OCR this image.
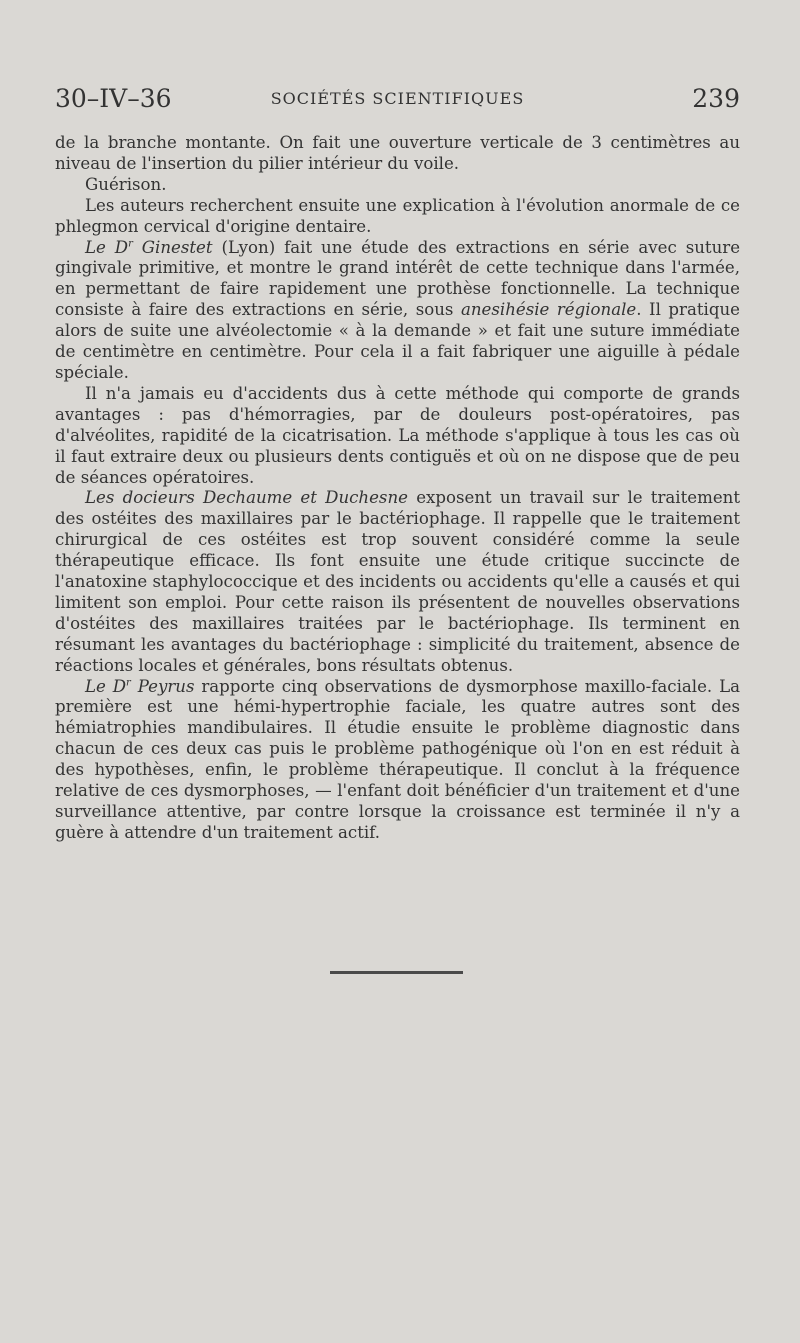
30–IV–36	SOCIÉTÉS SCIENTIFIQUES	239

de la branche montante. On fait une ouverture verticale de 3 centimètres au niveau de l'insertion du pilier intérieur du voile.

Guérison.

Les auteurs recherchent ensuite une explication à l'évolution anormale de ce phlegmon cervical d'origine dentaire.

Le $D^r$ Ginestet (Lyon) fait une étude des extractions en série avec suture gingivale primitive, et montre le grand intérêt de cette technique dans l'armée, en permettant de faire rapidement une prothèse fonctionnelle. La technique consiste à faire des extractions en série, sous anesihésie régionale. Il pratique alors de suite une alvéolectomie « à la demande » et fait une suture immédiate de centimètre en centimètre. Pour cela il a fait fabriquer une aiguille à pédale spéciale.

Il n'a jamais eu d'accidents dus à cette méthode qui comporte de grands avantages : pas d'hémorragies, par de douleurs post-opératoires, pas d'alvéolites, rapidité de la cicatrisation. La méthode s'applique à tous les cas où il faut extraire deux ou plusieurs dents contiguës et où on ne dispose que de peu de séances opératoires.

Les docieurs Dechaume et Duchesne exposent un travail sur le traitement des ostéites des maxillaires par le bactériophage. Il rappelle que le traitement chirurgical de ces ostéites est trop souvent considéré comme la seule thérapeutique efficace. Ils font ensuite une étude critique succincte de l'anatoxine staphylococcique et des incidents ou accidents qu'elle a causés et qui limitent son emploi. Pour cette raison ils présentent de nouvelles observations d'ostéites des maxillaires traitées par le bactériophage. Ils terminent en résumant les avantages du bactériophage : simplicité du traitement, absence de réactions locales et générales, bons résultats obtenus.

Le $D^r$ Peyrus rapporte cinq observations de dysmorphose maxillo-faciale. La première est une hémi-hypertrophie faciale, les quatre autres sont des hémiatrophies mandibulaires. Il étudie ensuite le problème diagnostic dans chacun de ces deux cas puis le problème pathogénique où l'on en est réduit à des hypothèses, enfin, le problème thérapeutique. Il conclut à la fréquence relative de ces dysmorphoses, — l'enfant doit bénéficier d'un traitement et d'une surveillance attentive, par contre lorsque la croissance est terminée il n'y a guère à attendre d'un traitement actif.
